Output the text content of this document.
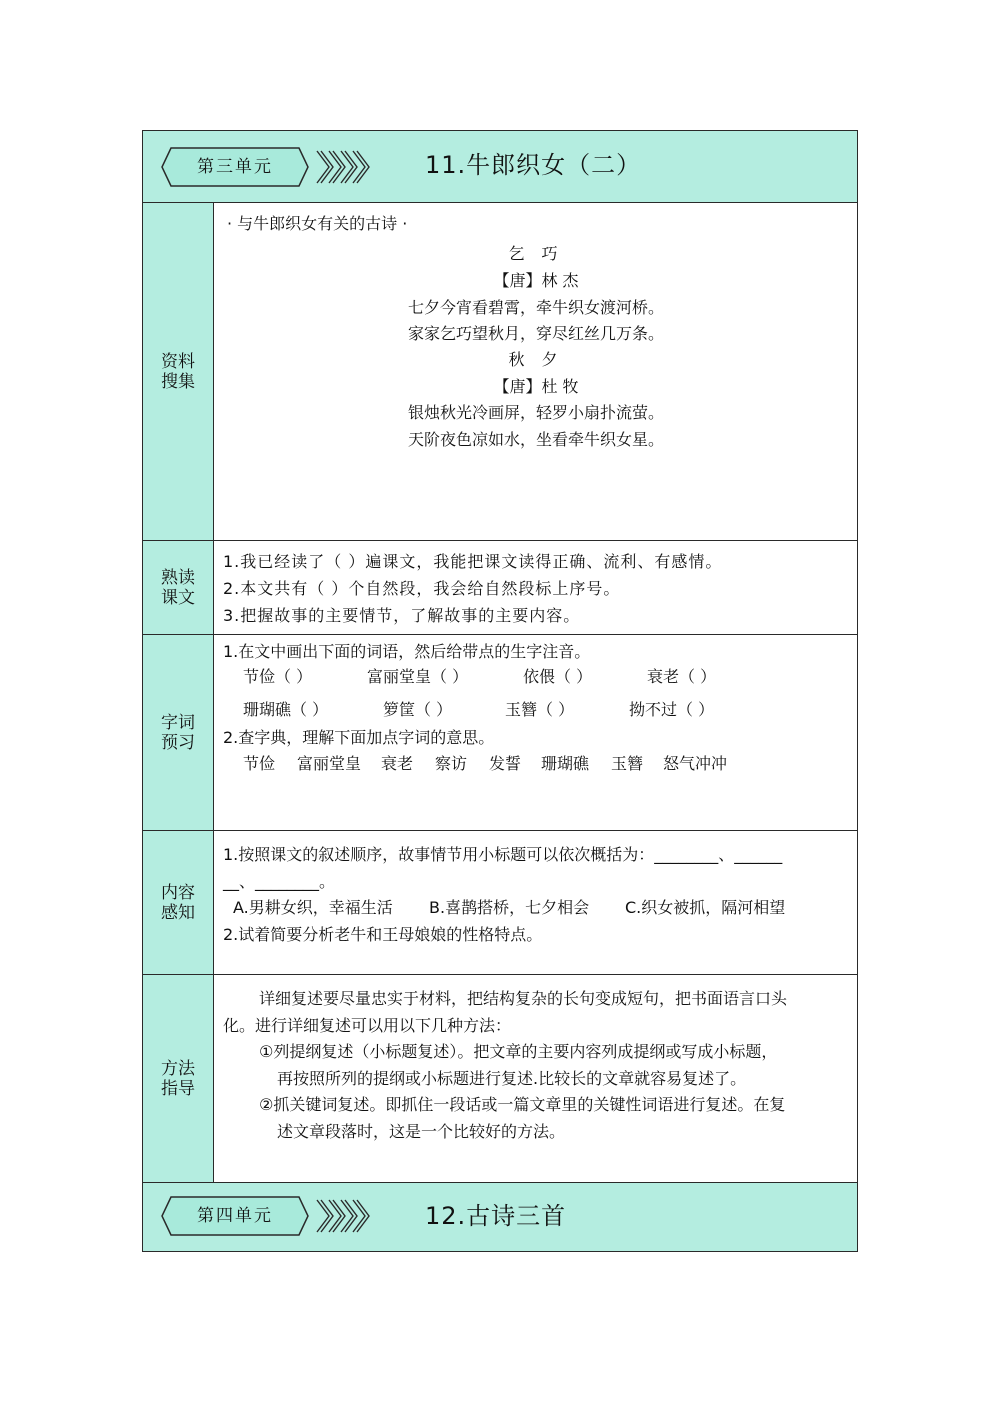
第三单元	11.牛郎织女（二）
资料搜集
· 与牛郎织女有关的古诗 ·
乞 巧
【唐】林 杰
七夕今宵看碧霄，牵牛织女渡河桥。
家家乞巧望秋月，穿尽红丝几万条。
秋 夕
【唐】杜 牧
银烛秋光冷画屏，轻罗小扇扑流萤。
天阶夜色凉如水，坐看牵牛织女星。
熟读课文
1.我已经读了（ ）遍课文，我能把课文读得正确、流利、有感情。
2.本文共有（ ）个自然段，我会给自然段标上序号。
3.把握故事的主要情节，了解故事的主要内容。
字词预习
1.在文中画出下面的词语，然后给带点的生字注音。
节俭（ ）	富丽堂皇（ ）	依偎（ ）	衰老（ ）
珊瑚礁（ ）	箩筐（ ）	玉簪（ ）	拗不过（ ）
2.查字典，理解下面加点字词的意思。
节俭 富丽堂皇 衰老 察访 发誓 珊瑚礁 玉簪 怒气冲冲
内容感知
1.按照课文的叙述顺序，故事情节用小标题可以依次概括为：________、______
__、________。
A.男耕女织，幸福生活 B.喜鹊搭桥，七夕相会 C.织女被抓，隔河相望
2.试着简要分析老牛和王母娘娘的性格特点。
方法指导
详细复述要尽量忠实于材料，把结构复杂的长句变成短句，把书面语言口头
化。进行详细复述可以用以下几种方法：
①列提纲复述（小标题复述）。把文章的主要内容列成提纲或写成小标题，
再按照所列的提纲或小标题进行复述.比较长的文章就容易复述了。
②抓关键词复述。即抓住一段话或一篇文章里的关键性词语进行复述。在复
述文章段落时，这是一个比较好的方法。
第四单元	12.古诗三首
